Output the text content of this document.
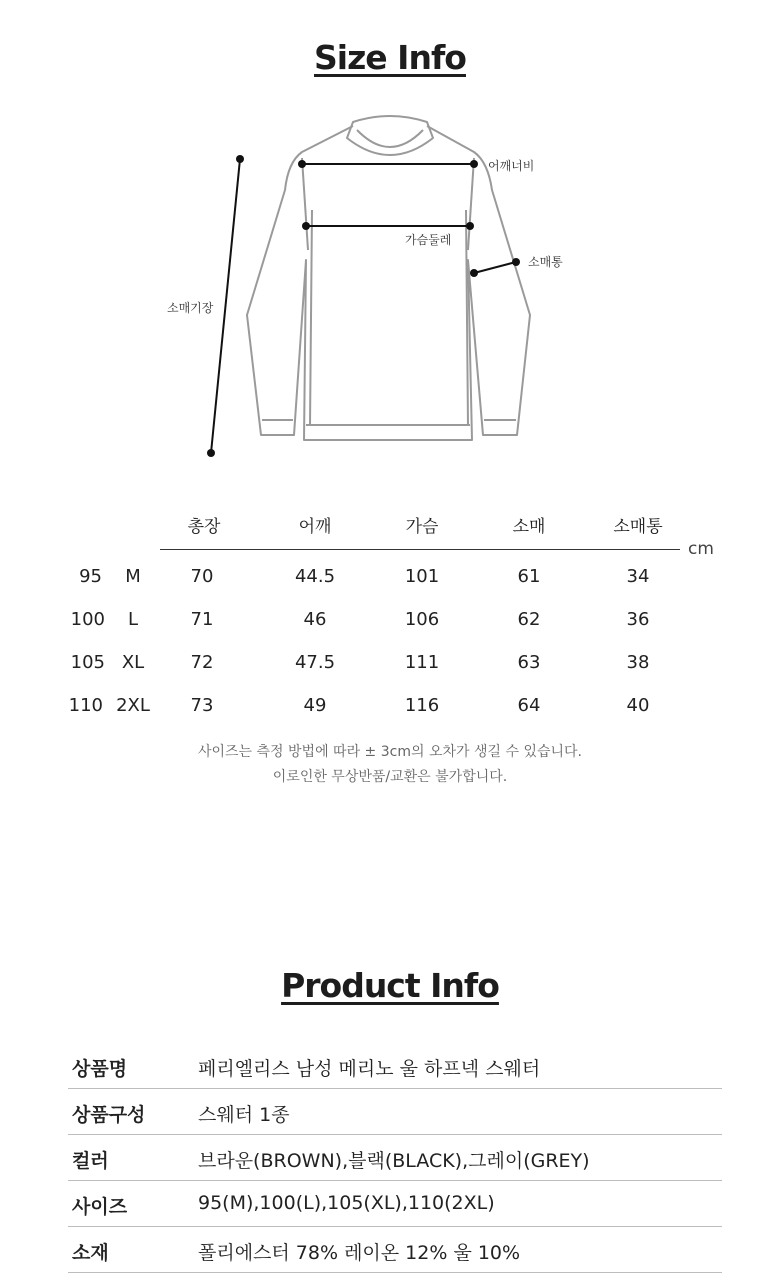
Size Info
어깨너비
가슴둘레
소매통
소매기장
총장	어깨	가슴	소매	소매통
cm
95	M	70	44.5	101	61	34
100	L	71	46	106	62	36
105 XL	72	47.5	111	63	38
110 2XL	73	49	116	64	40
사이즈는 측정 방법에 따라 ± 3cm의 오차가 생길 수 있습니다.
이로인한 무상반품/교환은 불가합니다.
Product Info
상품명	페리엘리스 남성 메리노 울 하프넥 스웨터
상품구성	스웨터 1종
컬러	브라운(BROWN),블랙(BLACK),그레이(GREY)
사이즈	95(M),100(L),105(XL),110(2XL)
소재	폴리에스터 78% 레이온 12% 울 10%
